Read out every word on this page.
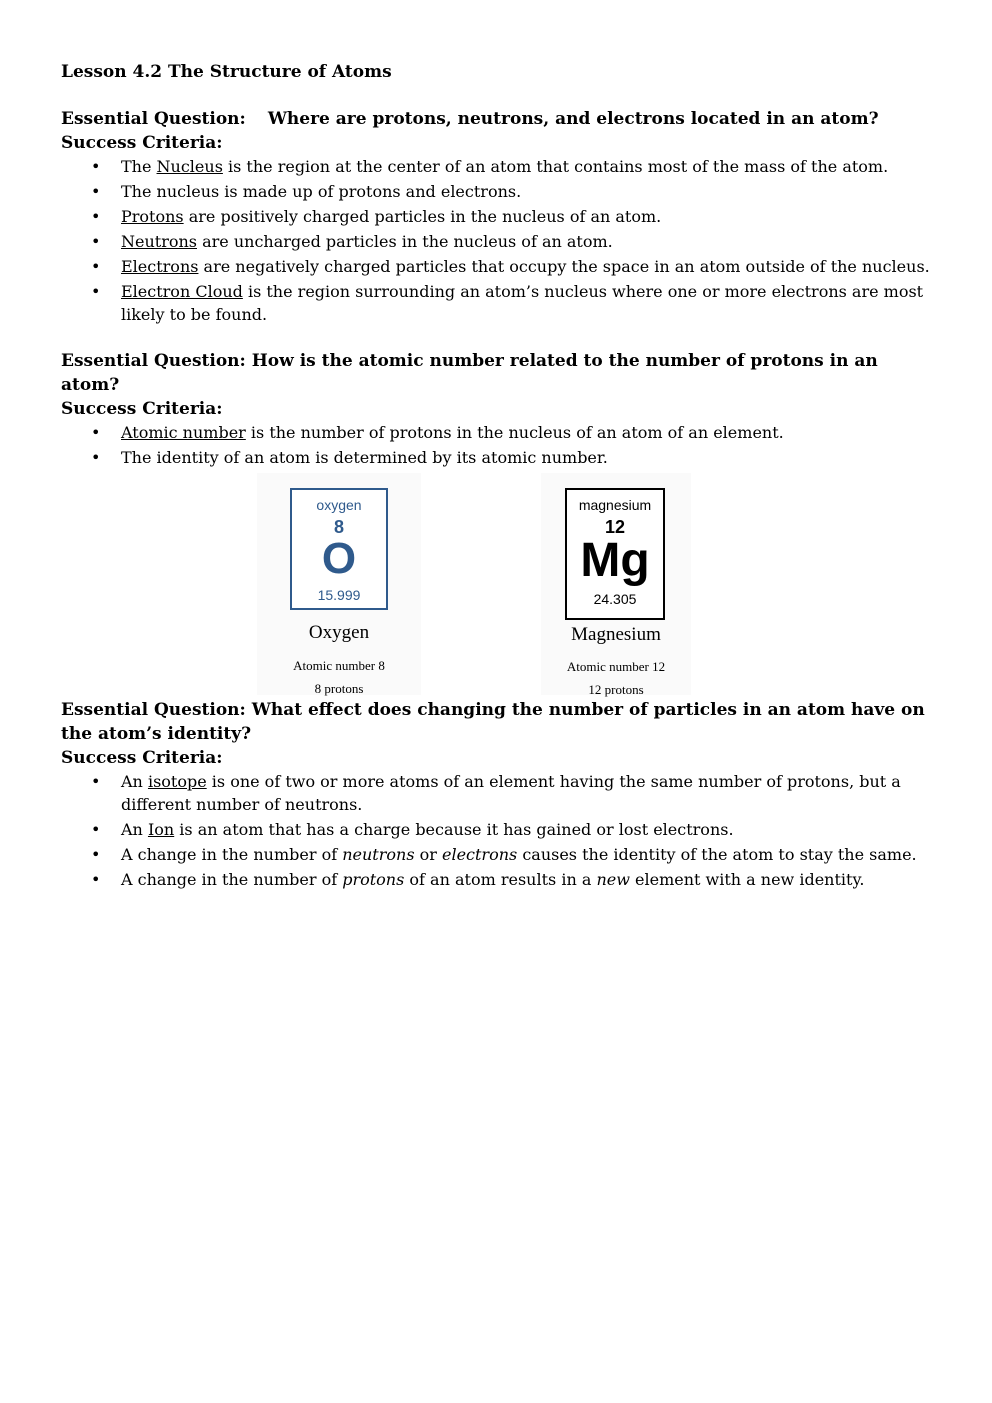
Lesson 4.2 The Structure of Atoms

Essential Question: Where are protons, neutrons, and electrons located in an atom?

Success Criteria:

• The Nucleus is the region at the center of an atom that contains most of the mass of the atom.
• The nucleus is made up of protons and electrons.
• Protons are positively charged particles in the nucleus of an atom.
• Neutrons are uncharged particles in the nucleus of an atom.
• Electrons are negatively charged particles that occupy the space in an atom outside of the nucleus.
• Electron Cloud is the region surrounding an atom’s nucleus where one or more electrons are most likely to be found.

Essential Question: How is the atomic number related to the number of protons in an atom?

Success Criteria:

• Atomic number is the number of protons in the nucleus of an atom of an element.
• The identity of an atom is determined by its atomic number.
oxygen
8
O
15.999
Oxygen
Atomic number 8
8 protons
magnesium
12
Mg
24.305
Magnesium
Atomic number 12
12 protons

Essential Question: What effect does changing the number of particles in an atom have on the atom’s identity?

Success Criteria:

• An isotope is one of two or more atoms of an element having the same number of protons, but a different number of neutrons.
• An Ion is an atom that has a charge because it has gained or lost electrons.
• A change in the number of neutrons or electrons causes the identity of the atom to stay the same.
• A change in the number of protons of an atom results in a new element with a new identity.
